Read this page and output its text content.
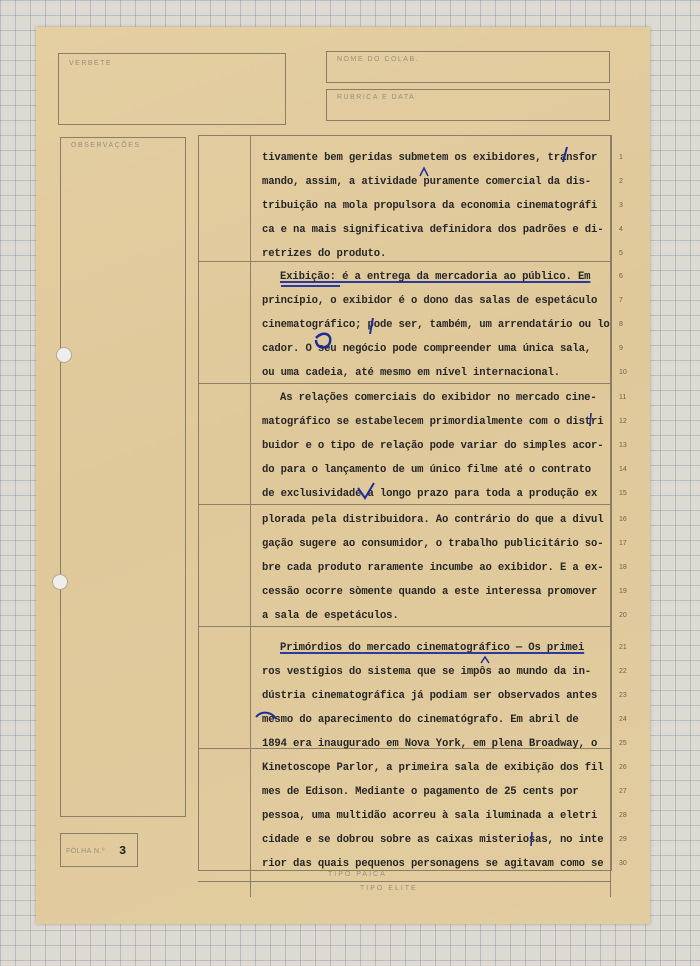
VERBETE
NOME DO COLAB.
RUBRICA E DATA
OBSERVAÇÕES
FÔLHA N.º 3
TIPO PAICA
TIPO ELITE
tivamente bem geridas submetem os exibidores, transfor
mando, assim, a atividade puramente comercial da dis-
tribuição na mola propulsora da economia cinematográfi
ca e na mais significativa definidora dos padrões e di-
retrizes do produto.
Exibição: é a entrega da mercadoria ao público. Em
princípio, o exibidor é o dono das salas de espetáculo
cinematográfico; pode ser, também, um arrendatário ou lo
cador. O seu negócio pode compreender uma única sala,
ou uma cadeia, até mesmo em nível internacional.
As relações comerciais do exibidor no mercado cine-
matográfico se estabelecem primordialmente com o distri
buidor e o tipo de relação pode variar do simples acor-
do para o lançamento de um único filme até o contrato
de exclusividade a longo prazo para toda a produção ex
plorada pela distribuidora. Ao contrário do que a divul
gação sugere ao consumidor, o trabalho publicitário so-
bre cada produto raramente incumbe ao exibidor. E a ex-
cessão ocorre sòmente quando a este interessa promover
a sala de espetáculos.
Primórdios do mercado cinematográfico — Os primei
ros vestígios do sistema que se impôs ao mundo da in-
dústria cinematográfica já podiam ser observados antes
mesmo do aparecimento do cinematógrafo. Em abril de
1894 era inaugurado em Nova York, em plena Broadway, o
Kinetoscope Parlor, a primeira sala de exibição dos fil
mes de Edison. Mediante o pagamento de 25 cents por
pessoa, uma multidão acorreu à sala iluminada a eletri
cidade e se dobrou sobre as caixas misteriosas, no inte
rior das quais pequenos personagens se agitavam como se
1
2
3
4
5
6
7
8
9
10
11
12
13
14
15
16
17
18
19
20
21
22
23
24
25
26
27
28
29
30
